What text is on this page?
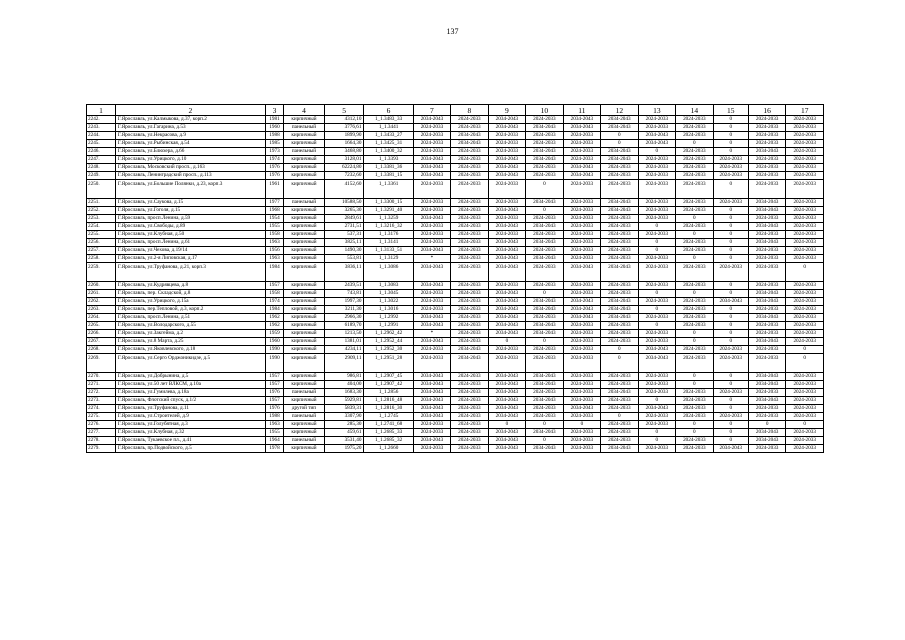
137
1	2	3	4	5	6	7	8	9	10	11	12	13	14	15	16	17
2242.	Г.Ярославль, ул.Калмыкова, д.37, корп.2	1981	кирпичный	4312,10	1_1.3483_33	2034-2043	2024-2033	2034-2043	2024-2033	2034-2043	2034-2043	2024-2033	2024-2033	0	2024-2033	2024-2033
2243.	Г.Ярославль, ул.Гагарина, д.53	1960	панельный	3776,61	1_1.3441	2024-2033	2024-2033	2034-2043	2034-2043	2034-2043	2034-2043	2024-2033	2024-2033	0	2024-2033	2024-2033
2244.	Г.Ярославль, ул.Некрасова, д.9	1988	кирпичный	1899,90	1_1.3433_27	2024-2033	2034-2043	2024-2033	2024-2033	2024-2033	0	2034-2043	2024-2033	0	2024-2033	2024-2033
2245.	Г.Ярославль, ул.Рыбинская, д.54	1985	кирпичный	1664,30	1_1.3425_31	2024-2033	2034-2043	2024-2033	2024-2033	2024-2033	0	2034-2043	0	0	2024-2033	2024-2033
2246.	Г.Ярославль, ул.Блюхера, д.66	1973	панельный	3468,80	1_1.3400_32	2024-2033	2024-2033	2024-2033	2034-2043	2024-2033	2034-2043	0	2024-2033	0	2034-2043	2024-2033
2247.	Г.Ярославль, ул.Урицкого, д.10	1974	кирпичный	3128,01	1_1.3393	2034-2043	2024-2033	2034-2043	2034-2043	2024-2033	2034-2043	2024-2033	2024-2033	2024-2033	2024-2033	2024-2033
2248.	Г.Ярославль, Московский просп., д.163	1976	кирпичный	62224,80	1_1.3381_36	2034-2043	2024-2033	2034-2043	2024-2033	2034-2043	2024-2033	2024-2033	2024-2033	2024-2033	2024-2033	2024-2033
2249.	Г.Ярославль, Ленинградский просп., д.113	1976	кирпичный	7232,60	1_1.3381_15	2034-2043	2024-2033	2034-2043	2024-2033	2034-2043	2024-2033	2024-2033	2024-2033	2024-2033	2024-2033	2024-2033
2250.	Г.Ярославль, ул.Большие Полянки, д.23, корп.3	1961	кирпичный	4152,60	1_1.3361	2024-2033	2024-2033	2024-2033	0	2024-2033	2024-2033	2024-2033	2024-2033	0	2024-2033	2024-2033
2251.	Г.Ярославль, ул.Саукова, д.15	1977	панельный	10588,50	1_1.3300_15	2024-2033	2024-2033	2024-2033	2034-2043	2024-2033	2034-2043	2024-2033	2024-2033	2024-2033	2034-2043	2024-2033
2252.	Г.Ярославль, ул.Гоголя, д.15	1968	кирпичный	3265,30	1_1.3291_40	2024-2033	2024-2033	2034-2043	0	2024-2033	2034-2043	2024-2033	2024-2033	0	2034-2043	2024-2033
2253.	Г.Ярославль, просп.Ленина, д.59	1954	кирпичный	2849,61	1_1.3259	2034-2043	2024-2033	2024-2033	2024-2033	2024-2033	2024-2033	2024-2033	0	0	2024-2033	2024-2033
2254.	Г.Ярославль, ул.Свободы, д.89	1955	кирпичный	2731,51	1_1.3216_32	2024-2033	2024-2033	2034-2043	2034-2043	2024-2033	2024-2033	0	2024-2033	0	2034-2043	2024-2033
2255.	Г.Ярославль, ул.Клубная, д.50	1958	кирпичный	537,31	1_1.3176	2024-2033	2024-2033	2024-2033	2024-2033	2024-2033	2024-2033	2024-2033	0	0	2024-2033	2024-2033
2256.	Г.Ярославль, просп.Ленина, д.61	1963	кирпичный	3825,11	1_1.3141	2024-2033	2024-2033	2034-2043	2034-2043	2024-2033	2024-2033	0	2024-2033	0	2034-2043	2024-2033
2257.	Г.Ярославль, ул.Чехова, д.19/14	1956	кирпичный	1490,30	1_1.3133_51	2034-2043	2024-2033	2034-2043	2024-2033	2024-2033	2024-2033	0	2024-2033	0	2024-2033	2024-2033
2258.	Г.Ярославль, ул.2-я Липовская, д.17	1963	кирпичный	553,81	1_1.3129	*	2024-2033	2034-2043	2034-2043	2024-2033	2024-2033	2024-2033	0	0	2024-2033	2024-2033
2259.	Г.Ярославль, ул.Труфанова, д.21, корп.3	1984	кирпичный	3836,11	1_1.3086	2034-2043	2024-2033	2034-2043	2024-2033	2034-2043	2034-2043	2024-2033	2024-2033	2024-2033	2024-2033	0
2260.	Г.Ярославль, ул.Кудрявцева, д.8	1957	кирпичный	2439,51	1_1.3083	2034-2043	2024-2033	2024-2033	2024-2033	2024-2033	2024-2033	2024-2033	2024-2033	0	2024-2033	2024-2033
2261.	Г.Ярославль, пер. Складской, д.8	1958	кирпичный	743,81	1_1.3045	2024-2033	2024-2033	2034-2043	0	2024-2033	2024-2033	0	0	0	2034-2043	2024-2033
2262.	Г.Ярославль, ул.Урицкого, д.15а	1974	кирпичный	1997,30	1_1.3022	2024-2033	2024-2033	2034-2043	2034-2043	2034-2043	2034-2043	2024-2033	2024-2033	2034-2043	2034-2043	2024-2033
2263.	Г.Ярославль, пер.Тепловой, д.3, корп.2	1984	кирпичный	3211,30	1_1.3016	2024-2033	2024-2033	2034-2043	2034-2043	2034-2043	2034-2043	0	2024-2033	0	2024-2033	2024-2033
2264.	Г.Ярославль, просп.Ленина, д.51	1962	кирпичный	2966,30	1_1.2992	2034-2043	2024-2033	2034-2043	2024-2033	2034-2043	2034-2043	2024-2033	2024-2033	0	2034-2043	2024-2033
2265.	Г.Ярославль, ул.Володарского, д.55	1962	кирпичный	6189,70	1_1.2991	2034-2043	2024-2033	2034-2043	2034-2043	2024-2033	2024-2033	0	2024-2033	0	2024-2033	2024-2033
2266.	Г.Ярославль, ул.Закгейма, д.2	1959	кирпичный	1213,50	1_1.2962_42	*	2024-2033	2034-2043	2034-2043	2024-2033	2024-2033	2024-2033	0	0	2024-2033	2024-2033
2267.	Г.Ярославль, ул.8 Марта, д.25	1960	кирпичный	1381,01	1_1.2952_44	2034-2043	2024-2033	0	0	2024-2033	2024-2033	2024-2033	0	0	2034-2043	2024-2033
2268.	Г.Ярославль, ул.Яковлевского, д.18	1990	кирпичный	4234,11	1_1.2952_30	2024-2033	2034-2043	2024-2033	2024-2033	2024-2033	0	2034-2043	2024-2033	2024-2033	2024-2033	0
2269.	Г.Ярославль, ул.Серго Орджоникидзе, д.5	1990	кирпичный	2909,11	1_1.2951_28	2024-2033	2034-2043	2024-2033	2024-2033	2024-2033	0	2034-2043	2024-2033	2024-2033	2024-2033	0
2270.	Г.Ярославль, ул.Добрынина, д.5	1957	кирпичный	986,81	1_1.2907_45	2034-2043	2024-2033	2034-2043	2034-2043	2024-2033	2024-2033	2024-2033	0	0	2034-2043	2024-2033
2271.	Г.Ярославль, ул.50 лет ВЛКСМ, д.10а	1957	кирпичный	404,00	1_1.2907_42	2034-2043	2024-2033	2034-2043	2034-2043	2024-2033	2024-2033	2024-2033	0	0	2034-2043	2024-2033
2272.	Г.Ярославль, ул.Гумилева, д.18а	1976	панельный	1683,30	1_1.2856	2034-2043	2024-2033	2034-2043	2024-2033	2024-2033	2034-2043	2024-2033	2024-2033	2024-2033	2024-2033	2024-2033
2273.	Г.Ярославль, Флотский спуск, д.1/2	1957	кирпичный	5929,81	1_1.2816_48	2034-2043	2024-2033	2034-2043	2034-2043	2024-2033	2024-2033	0	2024-2033	0	2034-2043	2024-2033
2274.	Г.Ярославль, ул.Труфанова, д.11	1976	другой тип	5839,31	1_1.2816_30	2034-2043	2024-2033	2034-2043	2024-2033	2034-2043	2024-2033	2034-2043	2024-2033	0	2024-2033	2024-2033
2275.	Г.Ярославль, ул.Строителей, д.9	1988	панельный	3307,90	1_1.2745	2034-2043	2024-2033	2034-2043	2024-2033	2024-2033	0	2024-2033	2024-2033	2024-2033	2024-2033	2024-2033
2276.	Г.Ярославль, ул.Голубятная, д.3	1963	кирпичный	285,30	1_1.2741_68	2024-2033	2024-2033	0	0	0	2024-2033	2024-2033	0	0	0	0
2277.	Г.Ярославль, ул.Клубная, д.32	1955	кирпичный	459,61	1_1.2685_33	2024-2033	2024-2033	2034-2043	2034-2043	2024-2033	2024-2033	0	0	0	2034-2043	2024-2033
2278.	Г.Ярославль, Тукаевское пл., д.41	1964	панельный	3531,40	1_1.2685_32	2034-2043	2024-2033	2034-2043	0	2024-2033	2024-2033	0	2024-2033	0	2034-2043	2024-2033
2279.	Г.Ярославль, пр.Подвойского, д.5	1978	кирпичный	1975,20	1_1.2660	2024-2033	2024-2033	2034-2043	2034-2043	2024-2033	2034-2043	2024-2033	2024-2033	2034-2043	2024-2033	2024-2033
